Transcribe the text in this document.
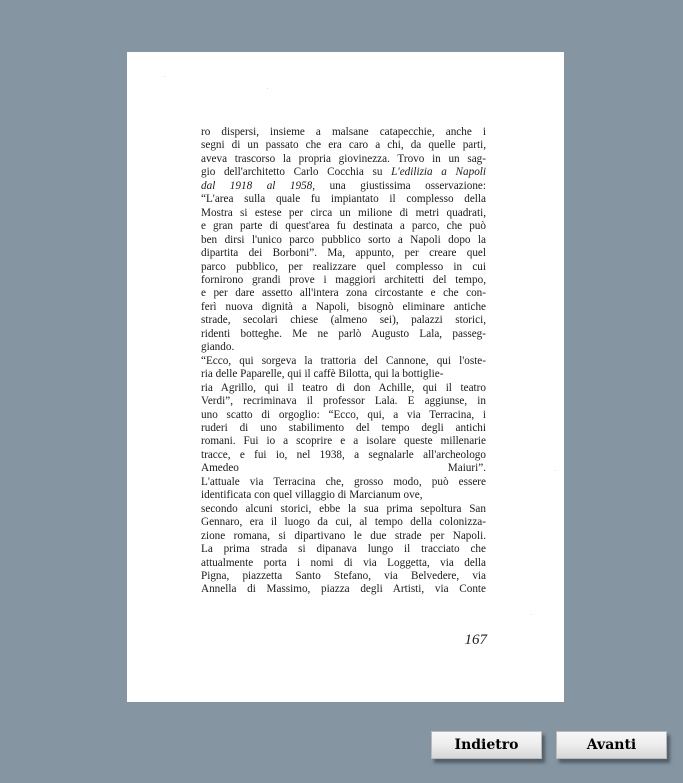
ro dispersi, insieme a malsane catapecchie, anche i
segni di un passato che era caro a chi, da quelle parti,
aveva trascorso la propria giovinezza. Trovo in un sag-
gio dell'architetto Carlo Cocchia su L'edilizia a Napoli
dal 1918 al 1958, una giustissima osservazione:
“L'area sulla quale fu impiantato il complesso della
Mostra si estese per circa un milione di metri quadrati,
e gran parte di quest'area fu destinata a parco, che può
ben dirsi l'unico parco pubblico sorto a Napoli dopo la
dipartita dei Borboni”. Ma, appunto, per creare quel
parco pubblico, per realizzare quel complesso in cui
fornirono grandi prove i maggiori architetti del tempo,
e per dare assetto all'intera zona circostante e che con-
ferì nuova dignità a Napoli, bisognò eliminare antiche
strade, secolari chiese (almeno sei), palazzi storici,
ridenti botteghe. Me ne parlò Augusto Lala, passeg-
giando.
“Ecco, qui sorgeva la trattoria del Cannone, qui l'oste-
ria delle Paparelle, qui il caffè Bilotta, qui la bottiglie-
ria Agrillo, qui il teatro di don Achille, qui il teatro
Verdi”, recriminava il professor Lala. E aggiunse, in
uno scatto di orgoglio: “Ecco, qui, a via Terracina, i
ruderi di uno stabilimento del tempo degli antichi
romani. Fui io a scoprire e a isolare queste millenarie
tracce, e fui io, nel 1938, a segnalarle all'archeologo
Amedeo Maiuri”.
L'attuale via Terracina che, grosso modo, può essere
identificata con quel villaggio di Marcianum ove,
secondo alcuni storici, ebbe la sua prima sepoltura San
Gennaro, era il luogo da cui, al tempo della colonizza-
zione romana, si dipartivano le due strade per Napoli.
La prima strada si dipanava lungo il tracciato che
attualmente porta i nomi di via Loggetta, via della
Pigna, piazzetta Santo Stefano, via Belvedere, via
Annella di Massimo, piazza degli Artisti, via Conte
167
Indietro	Avanti
